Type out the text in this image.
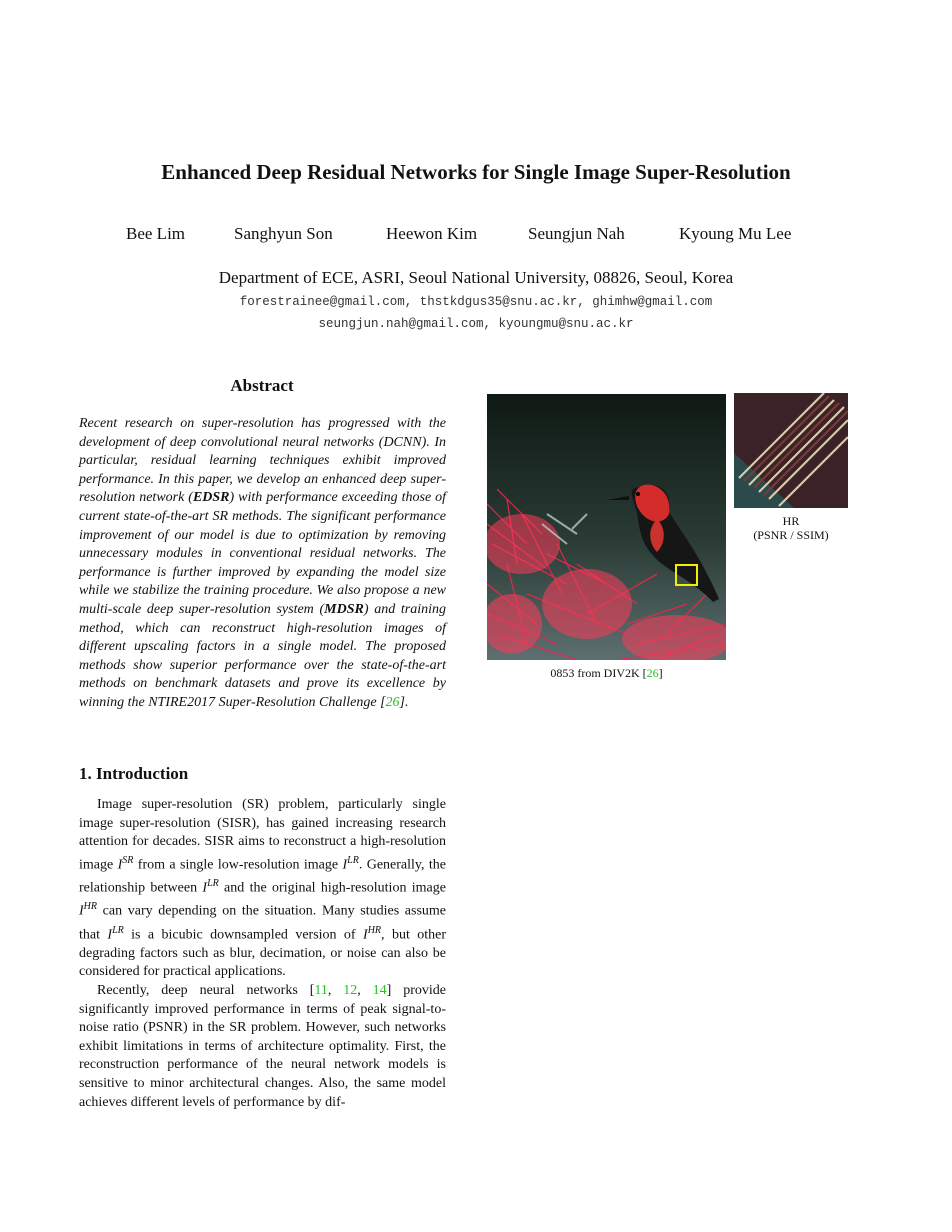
Enhanced Deep Residual Networks for Single Image Super-Resolution
Bee Lim	Sanghyun Son	Heewon Kim	Seungjun Nah	Kyoung Mu Lee
Department of ECE, ASRI, Seoul National University, 08826, Seoul, Korea
forestrainee@gmail.com, thstkdgus35@snu.ac.kr, ghimhw@gmail.com
seungjun.nah@gmail.com, kyoungmu@snu.ac.kr
Abstract
Recent research on super-resolution has progressed with the development of deep convolutional neural networks (DCNN). In particular, residual learning techniques exhibit improved performance. In this paper, we develop an enhanced deep super-resolution network (EDSR) with performance exceeding those of current state-of-the-art SR methods. The significant performance improvement of our model is due to optimization by removing unnecessary modules in conventional residual networks. The performance is further improved by expanding the model size while we stabilize the training procedure. We also propose a new multi-scale deep super-resolution system (MDSR) and training method, which can reconstruct high-resolution images of different upscaling factors in a single model. The proposed methods show superior performance over the state-of-the-art methods on benchmark datasets and prove its excellence by winning the NTIRE2017 Super-Resolution Challenge [26].
1. Introduction

Image super-resolution (SR) problem, particularly single image super-resolution (SISR), has gained increasing research attention for decades. SISR aims to reconstruct a high-resolution image $I^{SR}$ from a single low-resolution image $I^{LR}$. Generally, the relationship between $I^{LR}$ and the original high-resolution image $I^{HR}$ can vary depending on the situation. Many studies assume that $I^{LR}$ is a bicubic downsampled version of $I^{HR}$, but other degrading factors such as blur, decimation, or noise can also be considered for practical applications.

Recently, deep neural networks [11, 12, 14] provide significantly improved performance in terms of peak signal-to-noise ratio (PSNR) in the SR problem. However, such networks exhibit limitations in terms of architecture optimality. First, the reconstruction performance of the neural network models is sensitive to minor architectural changes. Also, the same model achieves different levels of performance by dif-

0853 from DIV2K [26]
HR
(PSNR / SSIM)
